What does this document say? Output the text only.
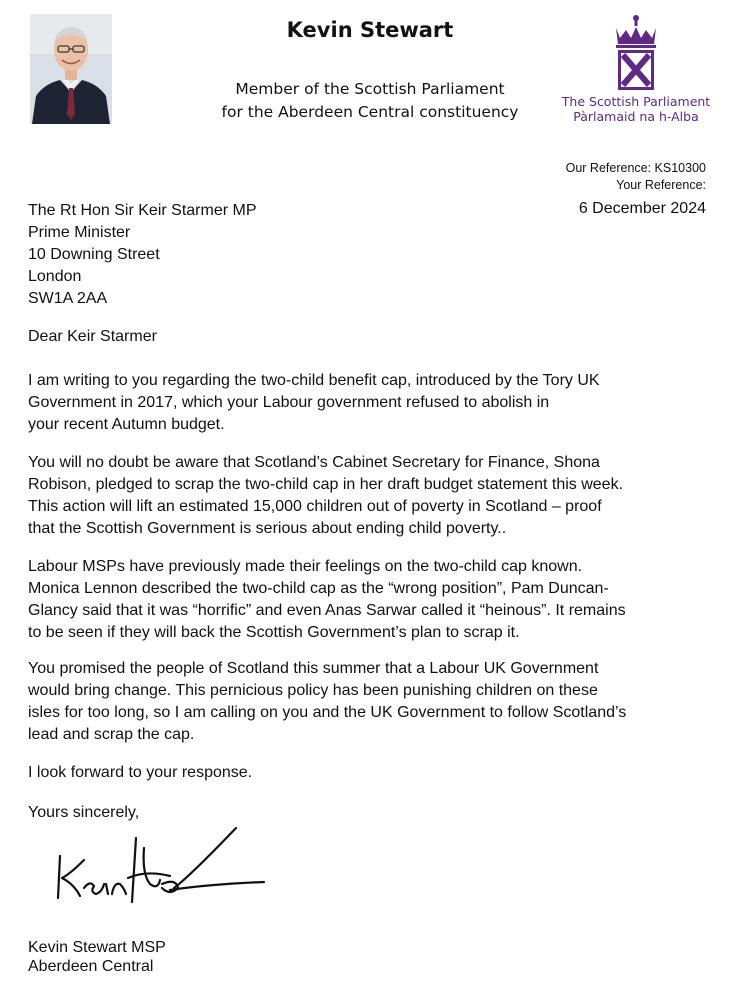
Kevin Stewart
Member of the Scottish Parliament
for the Aberdeen Central constituency
The Scottish Parliament
Pàrlamaid na h-Alba
Our Reference: KS10300
Your Reference:
6 December 2024
The Rt Hon Sir Keir Starmer MP
Prime Minister
10 Downing Street
London
SW1A 2AA
Dear Keir Starmer
I am writing to you regarding the two-child benefit cap, introduced by the Tory UK
Government in 2017, which your Labour government refused to abolish in
your recent Autumn budget.
You will no doubt be aware that Scotland’s Cabinet Secretary for Finance, Shona
Robison, pledged to scrap the two-child cap in her draft budget statement this week.
This action will lift an estimated 15,000 children out of poverty in Scotland – proof
that the Scottish Government is serious about ending child poverty..
Labour MSPs have previously made their feelings on the two-child cap known.
Monica Lennon described the two-child cap as the “wrong position”, Pam Duncan-
Glancy said that it was “horrific” and even Anas Sarwar called it “heinous”. It remains
to be seen if they will back the Scottish Government’s plan to scrap it.
You promised the people of Scotland this summer that a Labour UK Government
would bring change. This pernicious policy has been punishing children on these
isles for too long, so I am calling on you and the UK Government to follow Scotland’s
lead and scrap the cap.
I look forward to your response.
Yours sincerely,
Kevin Stewart MSP
Aberdeen Central
